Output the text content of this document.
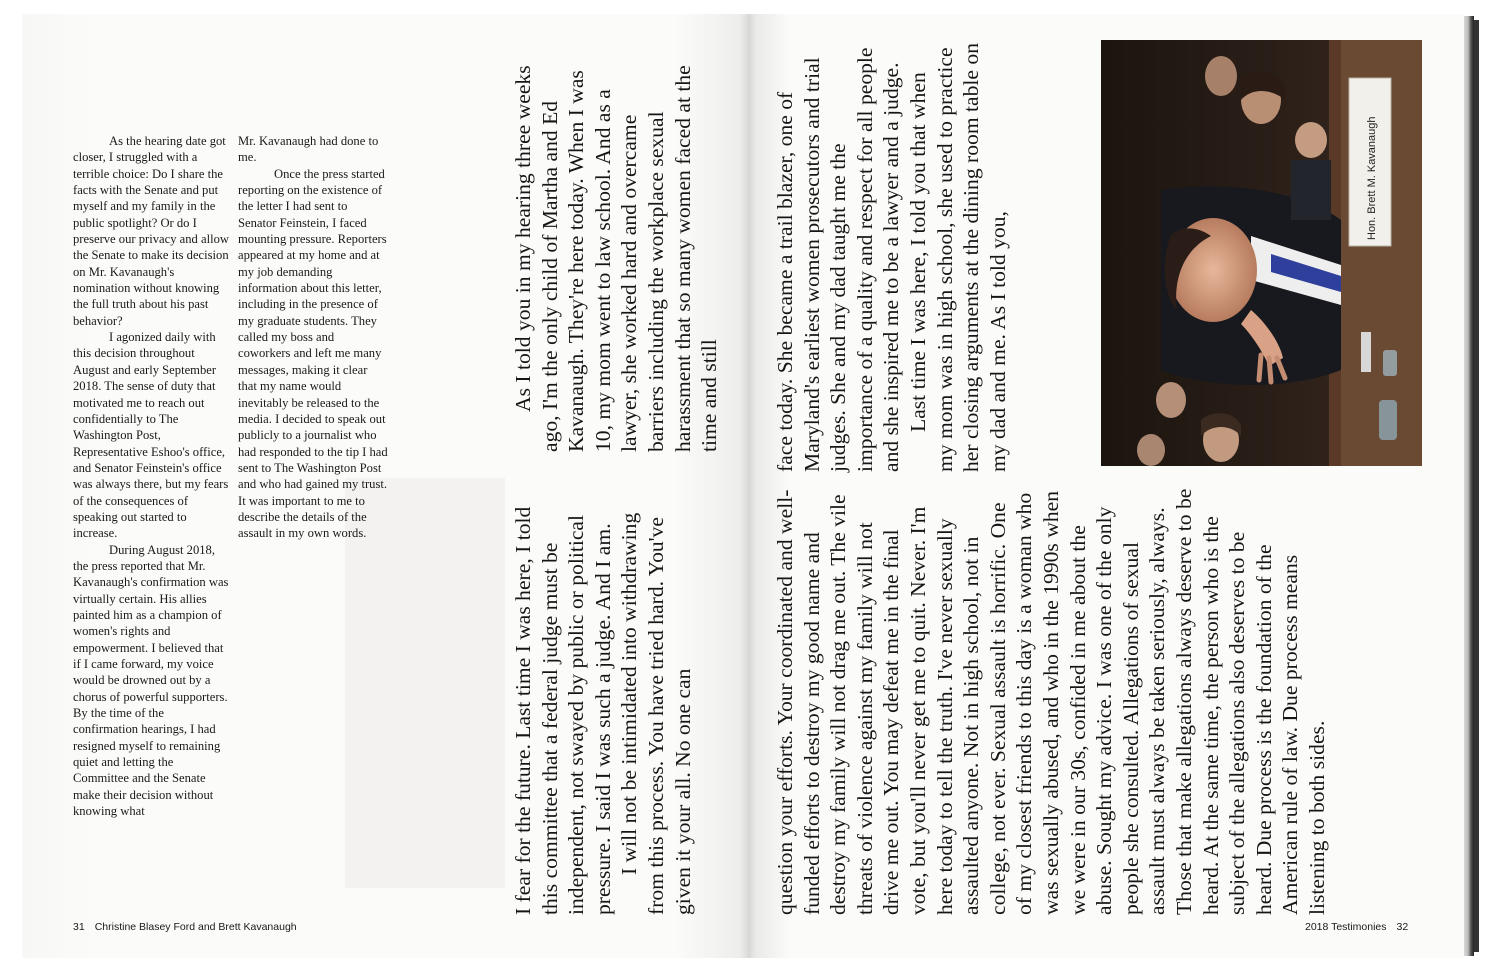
As the hearing date got closer, I struggled with a terrible choice: Do I share the facts with the Senate and put myself and my family in the public spotlight? Or do I preserve our privacy and allow the Senate to make its decision on Mr. Kavanaugh's nomination without knowing the full truth about his past behavior?

I agonized daily with this decision throughout August and early September 2018. The sense of duty that motivated me to reach out confidentially to The Washington Post, Representative Eshoo's office, and Senator Feinstein's office was always there, but my fears of the consequences of speaking out started to increase.

During August 2018, the press reported that Mr. Kavanaugh's confirmation was virtually certain. His allies painted him as a champion of women's rights and empowerment. I believed that if I came forward, my voice would be drowned out by a chorus of powerful supporters. By the time of the confirmation hearings, I had resigned myself to remaining quiet and letting the Committee and the Senate make their decision without knowing what

Mr. Kavanaugh had done to me.

Once the press started reporting on the existence of the letter I had sent to Senator Feinstein, I faced mounting pressure. Reporters appeared at my home and at my job demanding information about this letter, including in the presence of my graduate students. They called my boss and coworkers and left me many messages, making it clear that my name would inevitably be released to the media. I decided to speak out publicly to a journalist who had responded to the tip I had sent to The Washington Post and who had gained my trust. It was important to me to describe the details of the assault in my own words.	I fear for the future. Last time I was here, I told this committee that a federal judge must be independent, not swayed by public or political pressure. I said I was such a judge. And I am. I will not be intimidated into withdrawing from this process. You have tried hard. You've given it your all. No one can

As I told you in my hearing three weeks ago, I'm the only child of Martha and Ed Kavanaugh. They're here today. When I was 10, my mom went to law school. And as a lawyer, she worked hard and overcame barriers including the workplace sexual harassment that so many women faced at the time and still

question your efforts. Your coordinated and well-funded efforts to destroy my good name and destroy my family will not drag me out. The vile threats of violence against my family will not drive me out. You may defeat me in the final vote, but you'll never get me to quit. Never. I'm here today to tell the truth. I've never sexually assaulted anyone. Not in high school, not in college, not ever. Sexual assault is horrific. One of my closest friends to this day is a woman who was sexually abused, and who in the 1990s when we were in our 30s, confided in me about the abuse. Sought my advice. I was one of the only people she consulted. Allegations of sexual assault must always be taken seriously, always. Those that make allegations always deserve to be heard. At the same time, the person who is the subject of the allegations also deserves to be heard. Due process is the foundation of the American rule of law. Due process means listening to both sides.

face today. She became a trail blazer, one of Maryland's earliest women prosecutors and trial judges. She and my dad taught me the importance of a quality and respect for all people and she inspired me to be a lawyer and a judge. Last time I was here, I told you that when my mom was in high school, she used to practice her closing arguments at the dining room table on my dad and me. As I told you,

Hon. Brett M. Kavanaugh
31 Christine Blasey Ford and Brett Kavanaugh	2018 Testimonies 32
